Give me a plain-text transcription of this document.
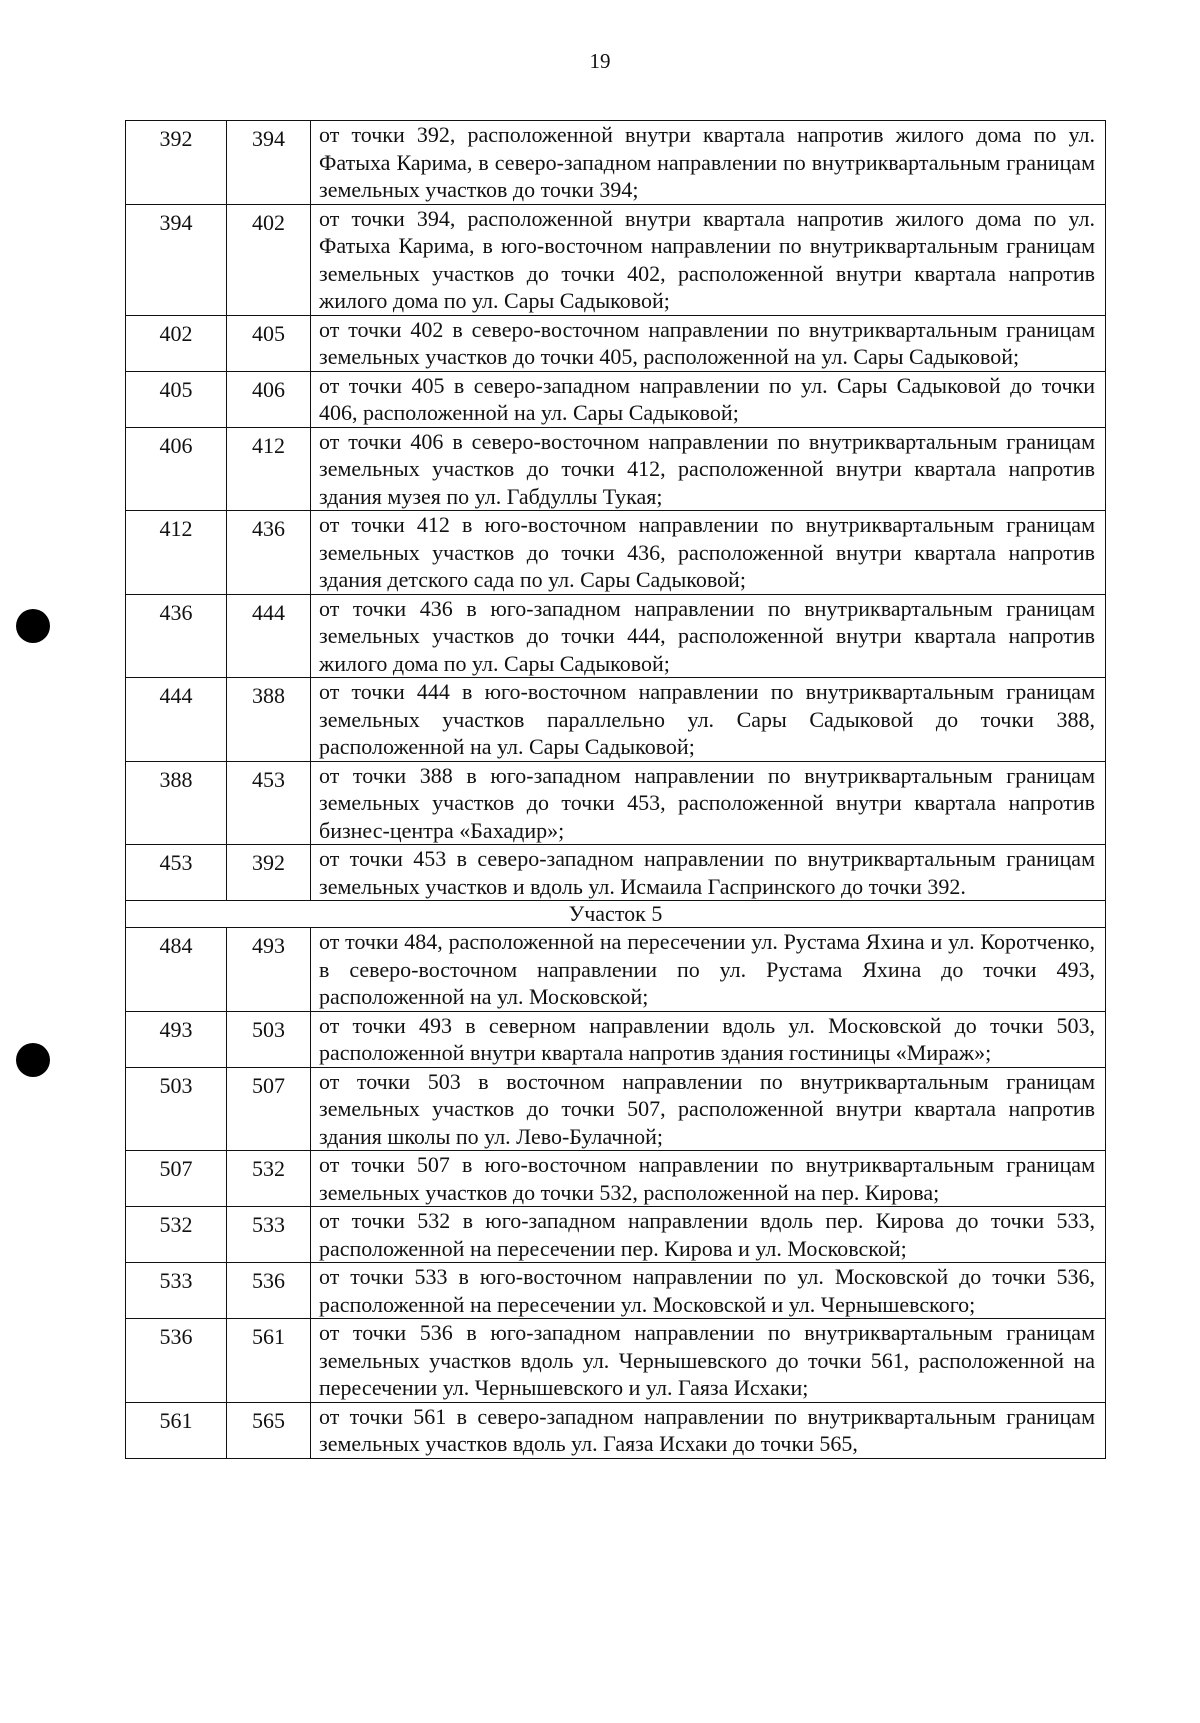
19
392	394	от точки 392, расположенной внутри квартала напротив жилого дома по ул. Фатыха Карима, в северо-западном направлении по внутриквартальным границам земельных участков до точки 394;
394	402	от точки 394, расположенной внутри квартала напротив жилого дома по ул. Фатыха Карима, в юго-восточном направлении по внутриквартальным границам земельных участков до точки 402, расположенной внутри квартала напротив жилого дома по ул. Сары Садыковой;
402	405	от точки 402 в северо-восточном направлении по внутриквартальным границам земельных участков до точки 405, расположенной на ул. Сары Садыковой;
405	406	от точки 405 в северо-западном направлении по ул. Сары Садыковой до точки 406, расположенной на ул. Сары Садыковой;
406	412	от точки 406 в северо-восточном направлении по внутриквартальным границам земельных участков до точки 412, расположенной внутри квартала напротив здания музея по ул. Габдуллы Тукая;
412	436	от точки 412 в юго-восточном направлении по внутриквартальным границам земельных участков до точки 436, расположенной внутри квартала напротив здания детского сада по ул. Сары Садыковой;
436	444	от точки 436 в юго-западном направлении по внутриквартальным границам земельных участков до точки 444, расположенной внутри квартала напротив жилого дома по ул. Сары Садыковой;
444	388	от точки 444 в юго-восточном направлении по внутриквартальным границам земельных участков параллельно ул. Сары Садыковой до точки 388, расположенной на ул. Сары Садыковой;
388	453	от точки 388 в юго-западном направлении по внутриквартальным границам земельных участков до точки 453, расположенной внутри квартала напротив бизнес-центра «Бахадир»;
453	392	от точки 453 в северо-западном направлении по внутриквартальным границам земельных участков и вдоль ул. Исмаила Гаспринского до точки 392.
Участок 5		
484	493	от точки 484, расположенной на пересечении ул. Рустама Яхина и ул. Коротченко, в северо-восточном направлении по ул. Рустама Яхина до точки 493, расположенной на ул. Московской;
493	503	от точки 493 в северном направлении вдоль ул. Московской до точки 503, расположенной внутри квартала напротив здания гостиницы «Мираж»;
503	507	от точки 503 в восточном направлении по внутриквартальным границам земельных участков до точки 507, расположенной внутри квартала напротив здания школы по ул. Лево-Булачной;
507	532	от точки 507 в юго-восточном направлении по внутриквартальным границам земельных участков до точки 532, расположенной на пер. Кирова;
532	533	от точки 532 в юго-западном направлении вдоль пер. Кирова до точки 533, расположенной на пересечении пер. Кирова и ул. Московской;
533	536	от точки 533 в юго-восточном направлении по ул. Московской до точки 536, расположенной на пересечении ул. Московской и ул. Чернышевского;
536	561	от точки 536 в юго-западном направлении по внутриквартальным границам земельных участков вдоль ул. Чернышевского до точки 561, расположенной на пересечении ул. Чернышевского и ул. Гаяза Исхаки;
561	565	от точки 561 в северо-западном направлении по внутриквартальным границам земельных участков вдоль ул. Гаяза Исхаки до точки 565,
